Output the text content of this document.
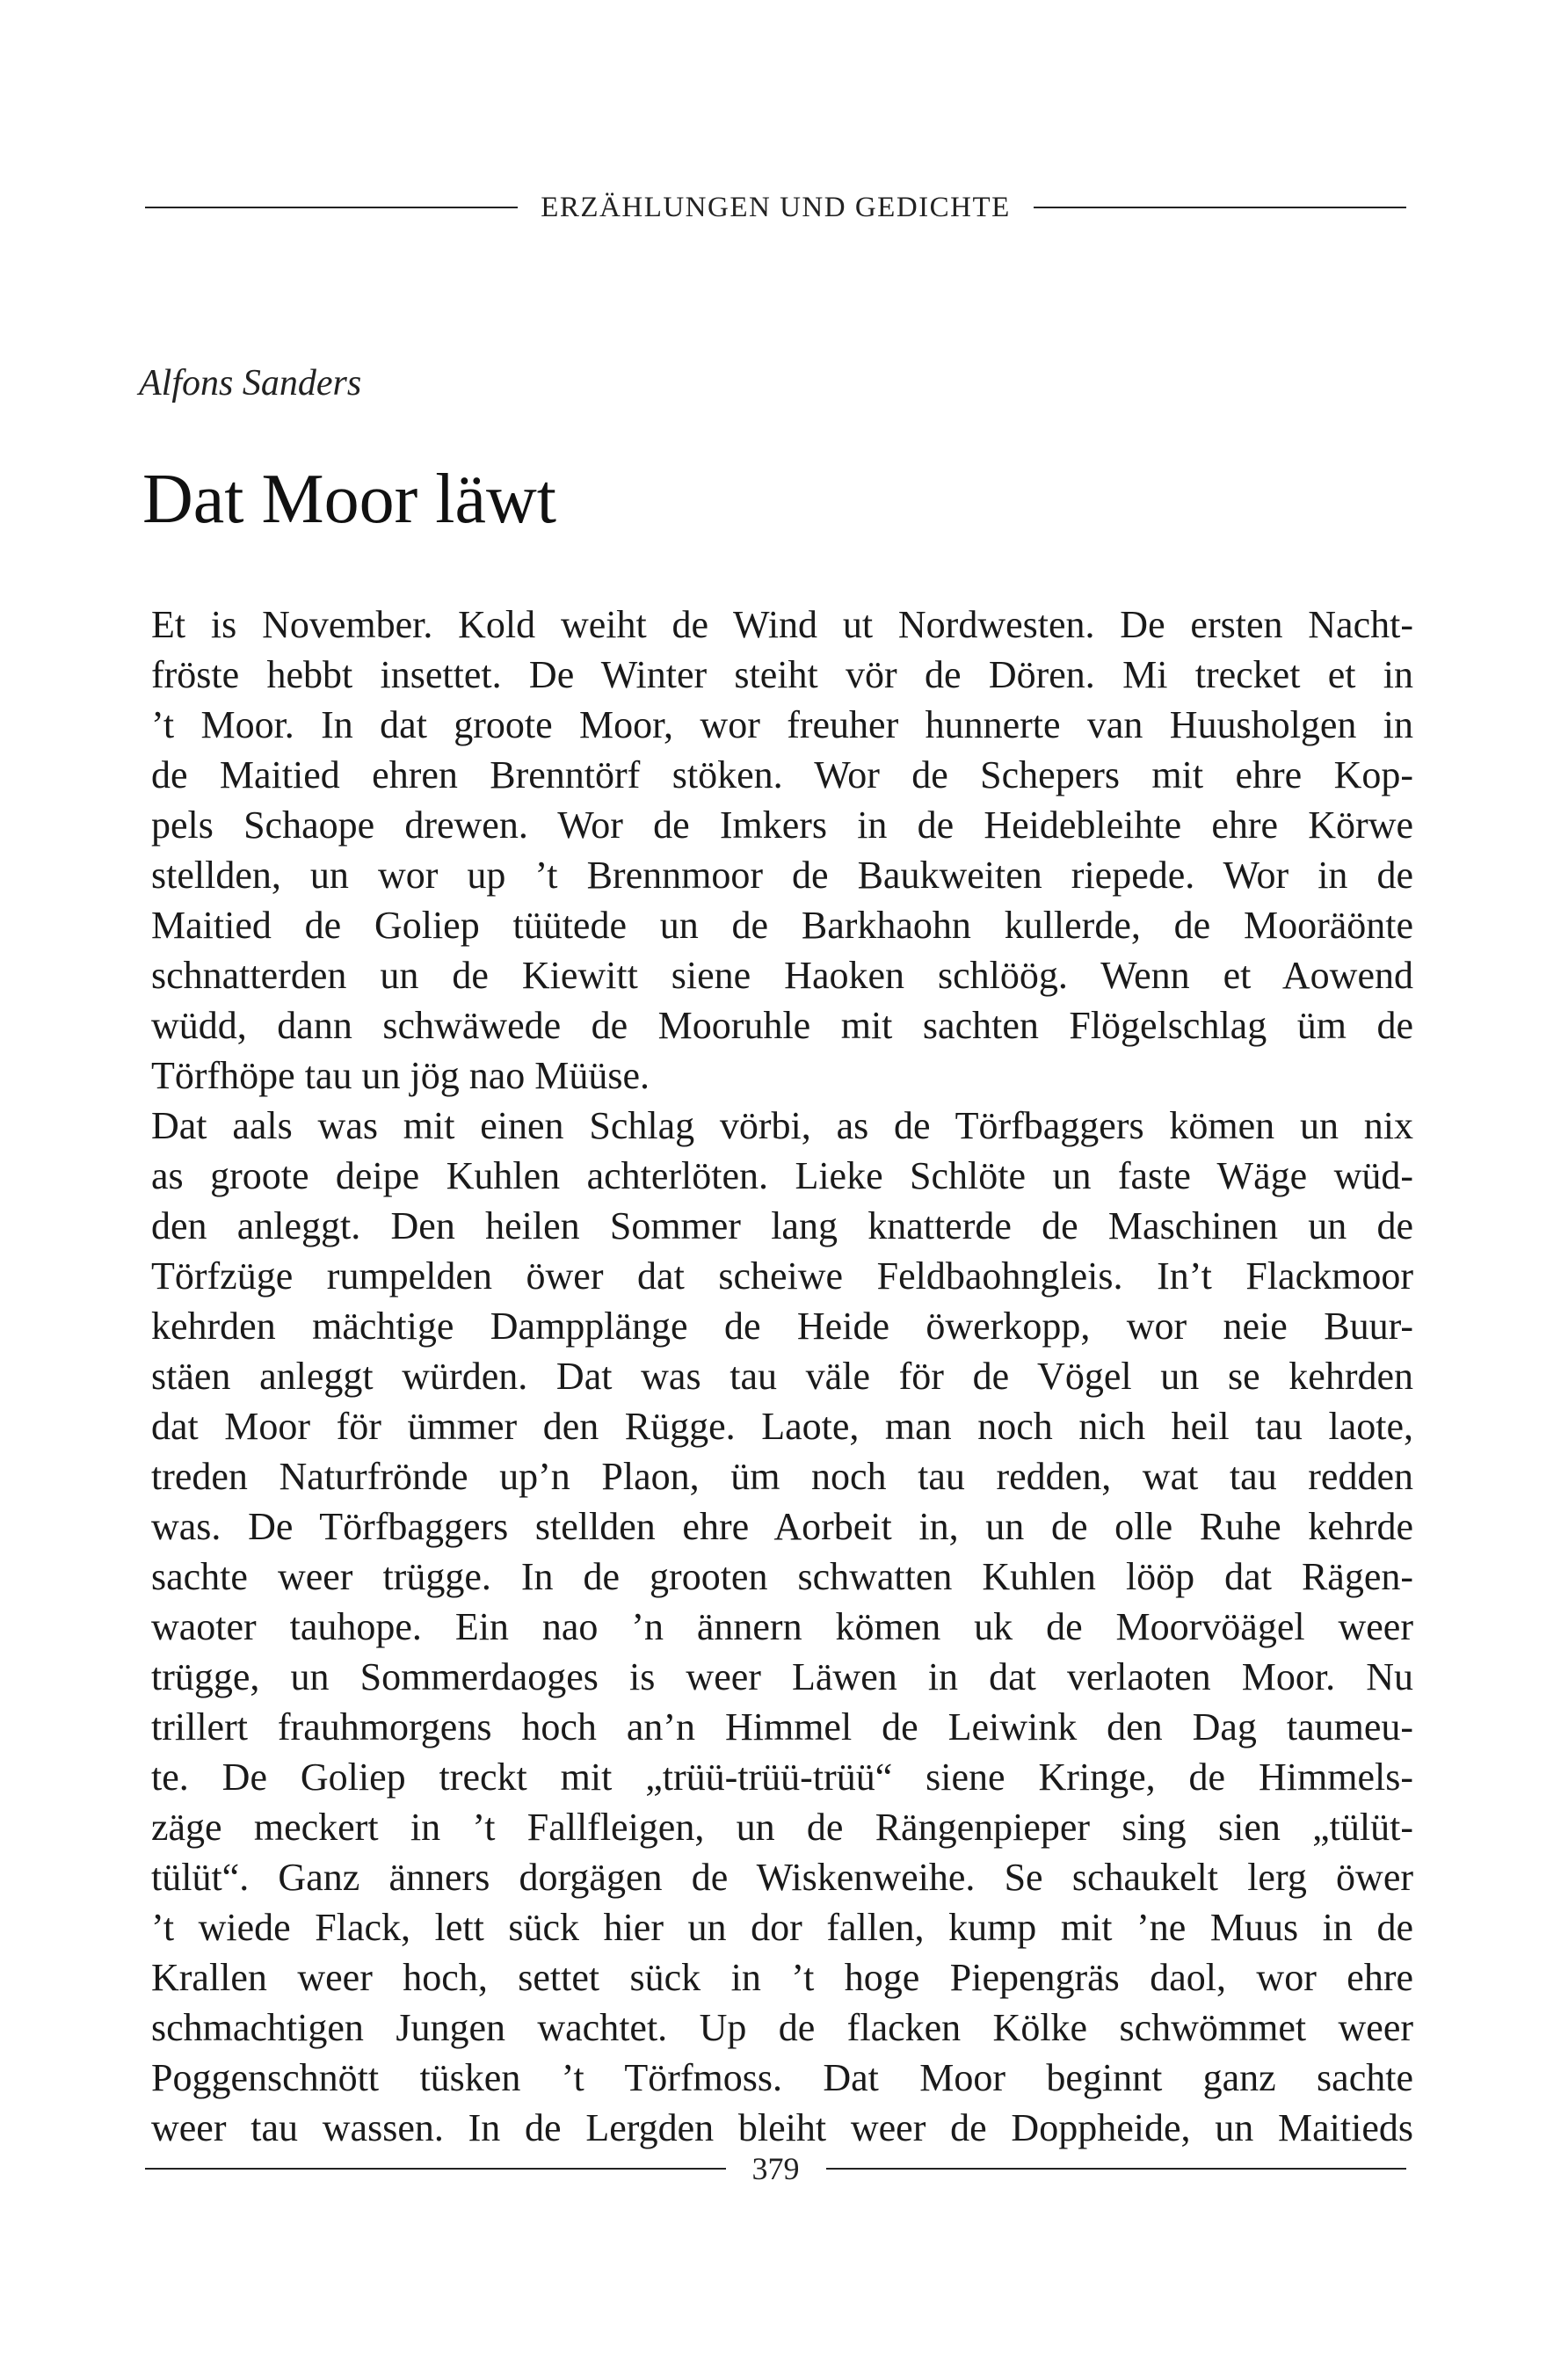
ERZÄHLUNGEN UND GEDICHTE

Alfons Sanders

Dat Moor läwt
Et is November. Kold weiht de Wind ut Nordwesten. De ersten Nacht-
fröste hebbt insettet. De Winter steiht vör de Dören. Mi trecket et in
’t Moor. In dat groote Moor, wor freuher hunnerte van Huusholgen in
de Maitied ehren Brenntörf stöken. Wor de Schepers mit ehre Kop-
pels Schaope drewen. Wor de Imkers in de Heidebleihte ehre Körwe
stellden, un wor up ’t Brennmoor de Baukweiten riepede. Wor in de
Maitied de Goliep tüütede un de Barkhaohn kullerde, de Mooräönte
schnatterden un de Kiewitt siene Haoken schlöög. Wenn et Aowend
wüdd, dann schwäwede de Mooruhle mit sachten Flögelschlag üm de
Törfhöpe tau un jög nao Müüse.
Dat aals was mit einen Schlag vörbi, as de Törfbaggers kömen un nix
as groote deipe Kuhlen achterlöten. Lieke Schlöte un faste Wäge wüd-
den anleggt. Den heilen Sommer lang knatterde de Maschinen un de
Törfzüge rumpelden öwer dat scheiwe Feldbaohngleis. In’t Flackmoor
kehrden mächtige Dampplänge de Heide öwerkopp, wor neie Buur-
stäen anleggt würden. Dat was tau väle för de Vögel un se kehrden
dat Moor för ümmer den Rügge. Laote, man noch nich heil tau laote,
treden Naturfrönde up’n Plaon, üm noch tau redden, wat tau redden
was. De Törfbaggers stellden ehre Aorbeit in, un de olle Ruhe kehrde
sachte weer trügge. In de grooten schwatten Kuhlen lööp dat Rägen-
waoter tauhope. Ein nao ’n ännern kömen uk de Moorvöägel weer
trügge, un Sommerdaoges is weer Läwen in dat verlaoten Moor. Nu
trillert frauhmorgens hoch an’n Himmel de Leiwink den Dag taumeu-
te. De Goliep treckt mit „trüü-trüü-trüü“ siene Kringe, de Himmels-
zäge meckert in ’t Fallfleigen, un de Rängenpieper sing sien „tülüt-
tülüt“. Ganz änners dorgägen de Wiskenweihe. Se schaukelt lerg öwer
’t wiede Flack, lett sück hier un dor fallen, kump mit ’ne Muus in de
Krallen weer hoch, settet sück in ’t hoge Piepengräs daol, wor ehre
schmachtigen Jungen wachtet. Up de flacken Kölke schwömmet weer
Poggenschnött tüsken ’t Törfmoss. Dat Moor beginnt ganz sachte
weer tau wassen. In de Lergden bleiht weer de Doppheide, un Maitieds
379
